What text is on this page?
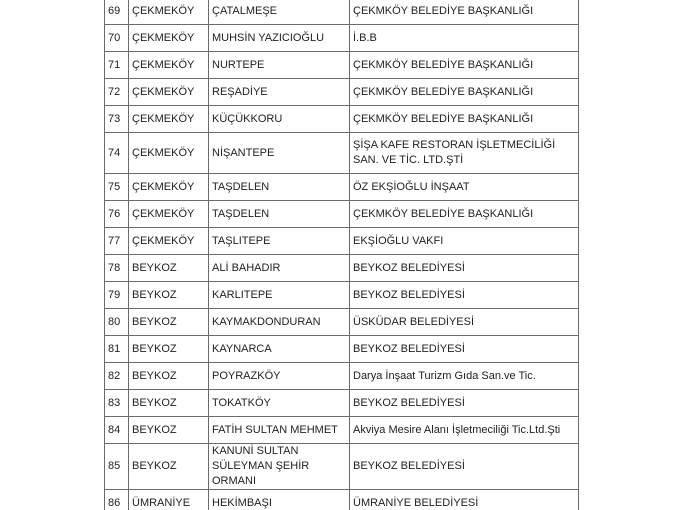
69	ÇEKMEKÖY	ÇATALMEŞE	ÇEKMKÖY BELEDİYE BAŞKANLIĞI
70	ÇEKMEKÖY	MUHSİN YAZICIOĞLU	İ.B.B
71	ÇEKMEKÖY	NURTEPE	ÇEKMKÖY BELEDİYE BAŞKANLIĞI
72	ÇEKMEKÖY	REŞADİYE	ÇEKMKÖY BELEDİYE BAŞKANLIĞI
73	ÇEKMEKÖY	KÜÇÜKKORU	ÇEKMKÖY BELEDİYE BAŞKANLIĞI
74	ÇEKMEKÖY	NİŞANTEPE	ŞİŞA KAFE RESTORAN İŞLETMECİLİĞİ SAN. VE TİC. LTD.ŞTİ
75	ÇEKMEKÖY	TAŞDELEN	ÖZ EKŞİOĞLU İNŞAAT
76	ÇEKMEKÖY	TAŞDELEN	ÇEKMKÖY BELEDİYE BAŞKANLIĞI
77	ÇEKMEKÖY	TAŞLITEPE	EKŞİOĞLU VAKFI
78	BEYKOZ	ALİ BAHADIR	BEYKOZ BELEDİYESİ
79	BEYKOZ	KARLITEPE	BEYKOZ BELEDİYESİ
80	BEYKOZ	KAYMAKDONDURAN	ÜSKÜDAR BELEDİYESİ
81	BEYKOZ	KAYNARCA	BEYKOZ BELEDİYESİ
82	BEYKOZ	POYRAZKÖY	Darya İnşaat Turizm Gıda San.ve Tic.
83	BEYKOZ	TOKATKÖY	BEYKOZ BELEDİYESİ
84	BEYKOZ	FATİH SULTAN MEHMET	Akviya Mesire Alanı İşletmeciliği Tic.Ltd.Şti
85	BEYKOZ	KANUNİ SULTAN SÜLEYMAN ŞEHİR ORMANI	BEYKOZ BELEDİYESİ
86	ÜMRANİYE	HEKİMBAŞI	ÜMRANİYE BELEDİYESİ
